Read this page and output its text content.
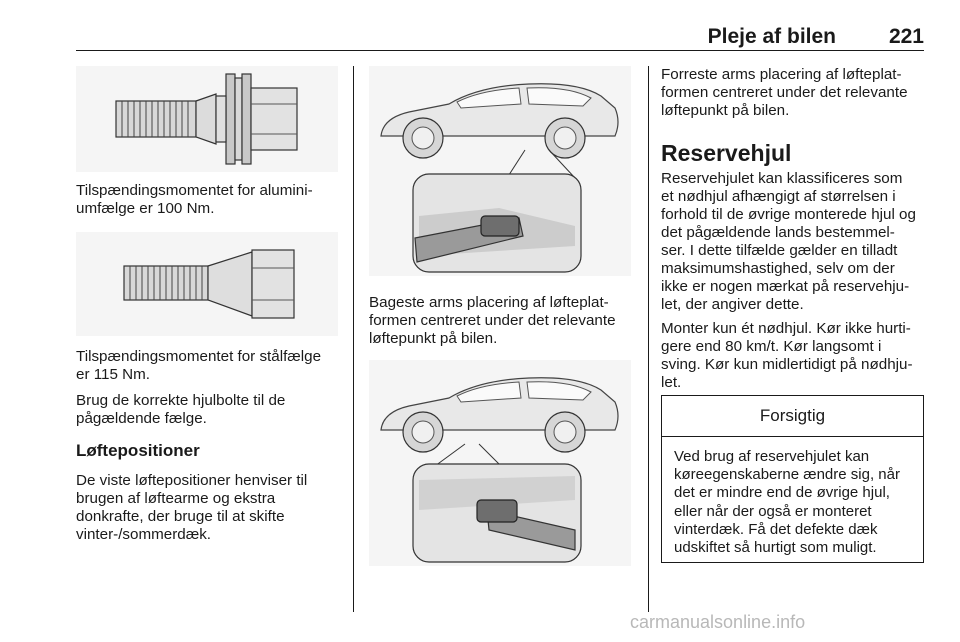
Pleje af bilen	221
Tilspændingsmomentet for alumini-
umfælge er 100 Nm.
Tilspændingsmomentet for stålfælge
er 115 Nm.
Brug de korrekte hjulbolte til de
pågældende fælge.
Løftepositioner
De viste løftepositioner henviser til
brugen af løftearme og ekstra
donkrafte, der bruge til at skifte
vinter-/sommerdæk.
Bageste arms placering af løfteplat-
formen centreret under det relevante
løftepunkt på bilen.
Forreste arms placering af løfteplat-
formen centreret under det relevante
løftepunkt på bilen.
Reservehjul
Reservehjulet kan klassificeres som
et nødhjul afhængigt af størrelsen i
forhold til de øvrige monterede hjul og
det pågældende lands bestemmel-
ser. I dette tilfælde gælder en tilladt
maksimumshastighed, selv om der
ikke er nogen mærkat på reservehju-
let, der angiver dette.
Monter kun ét nødhjul. Kør ikke hurti-
gere end 80 km/t. Kør langsomt i
sving. Kør kun midlertidigt på nødhju-
let.
Forsigtig
Ved brug af reservehjulet kan
køreegenskaberne ændre sig, når
det er mindre end de øvrige hjul,
eller når der også er monteret
vinterdæk. Få det defekte dæk
udskiftet så hurtigt som muligt.
carmanualsonline.info
